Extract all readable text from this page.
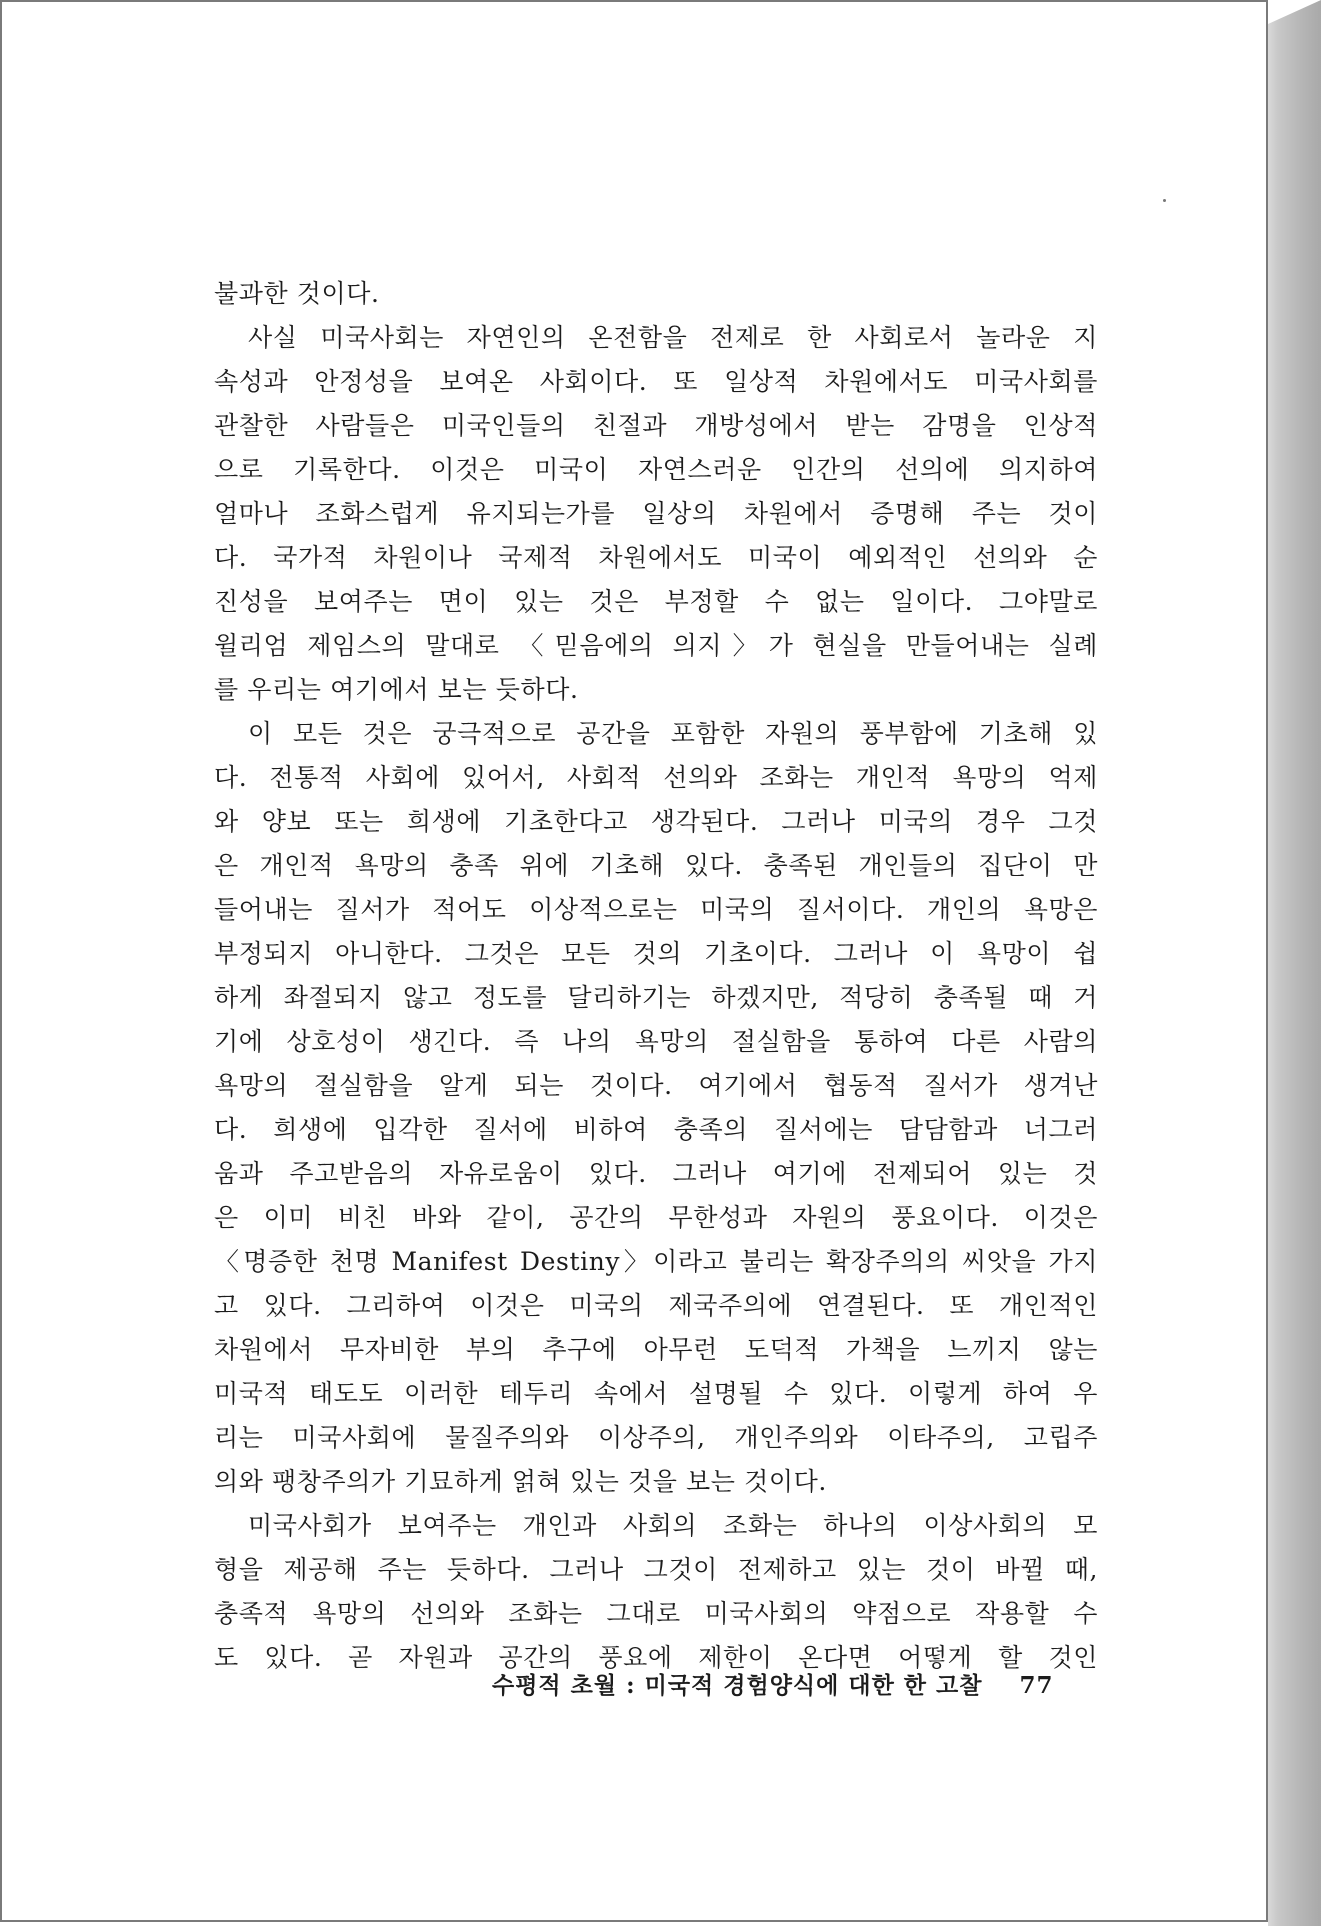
불과한 것이다.
사실 미국사회는 자연인의 온전함을 전제로 한 사회로서 놀라운 지
속성과 안정성을 보여온 사회이다. 또 일상적 차원에서도 미국사회를
관찰한 사람들은 미국인들의 친절과 개방성에서 받는 감명을 인상적
으로 기록한다. 이것은 미국이 자연스러운 인간의 선의에 의지하여
얼마나 조화스럽게 유지되는가를 일상의 차원에서 증명해 주는 것이
다. 국가적 차원이나 국제적 차원에서도 미국이 예외적인 선의와 순
진성을 보여주는 면이 있는 것은 부정할 수 없는 일이다. 그야말로
윌리엄 제임스의 말대로 〈믿음에의 의지〉가 현실을 만들어내는 실례
를 우리는 여기에서 보는 듯하다.
이 모든 것은 궁극적으로 공간을 포함한 자원의 풍부함에 기초해 있
다. 전통적 사회에 있어서, 사회적 선의와 조화는 개인적 욕망의 억제
와 양보 또는 희생에 기초한다고 생각된다. 그러나 미국의 경우 그것
은 개인적 욕망의 충족 위에 기초해 있다. 충족된 개인들의 집단이 만
들어내는 질서가 적어도 이상적으로는 미국의 질서이다. 개인의 욕망은
부정되지 아니한다. 그것은 모든 것의 기초이다. 그러나 이 욕망이 쉽
하게 좌절되지 않고 정도를 달리하기는 하겠지만, 적당히 충족될 때 거
기에 상호성이 생긴다. 즉 나의 욕망의 절실함을 통하여 다른 사람의
욕망의 절실함을 알게 되는 것이다. 여기에서 협동적 질서가 생겨난
다. 희생에 입각한 질서에 비하여 충족의 질서에는 담담함과 너그러
움과 주고받음의 자유로움이 있다. 그러나 여기에 전제되어 있는 것
은 이미 비친 바와 같이, 공간의 무한성과 자원의 풍요이다. 이것은
〈명증한 천명 Manifest Destiny〉이라고 불리는 확장주의의 씨앗을 가지
고 있다. 그리하여 이것은 미국의 제국주의에 연결된다. 또 개인적인
차원에서 무자비한 부의 추구에 아무런 도덕적 가책을 느끼지 않는
미국적 태도도 이러한 테두리 속에서 설명될 수 있다. 이렇게 하여 우
리는 미국사회에 물질주의와 이상주의, 개인주의와 이타주의, 고립주
의와 팽창주의가 기묘하게 얽혀 있는 것을 보는 것이다.
미국사회가 보여주는 개인과 사회의 조화는 하나의 이상사회의 모
형을 제공해 주는 듯하다. 그러나 그것이 전제하고 있는 것이 바뀔 때,
충족적 욕망의 선의와 조화는 그대로 미국사회의 약점으로 작용할 수
도 있다. 곧 자원과 공간의 풍요에 제한이 온다면 어떻게 할 것인
수평적 초월 : 미국적 경험양식에 대한 한 고찰 77
